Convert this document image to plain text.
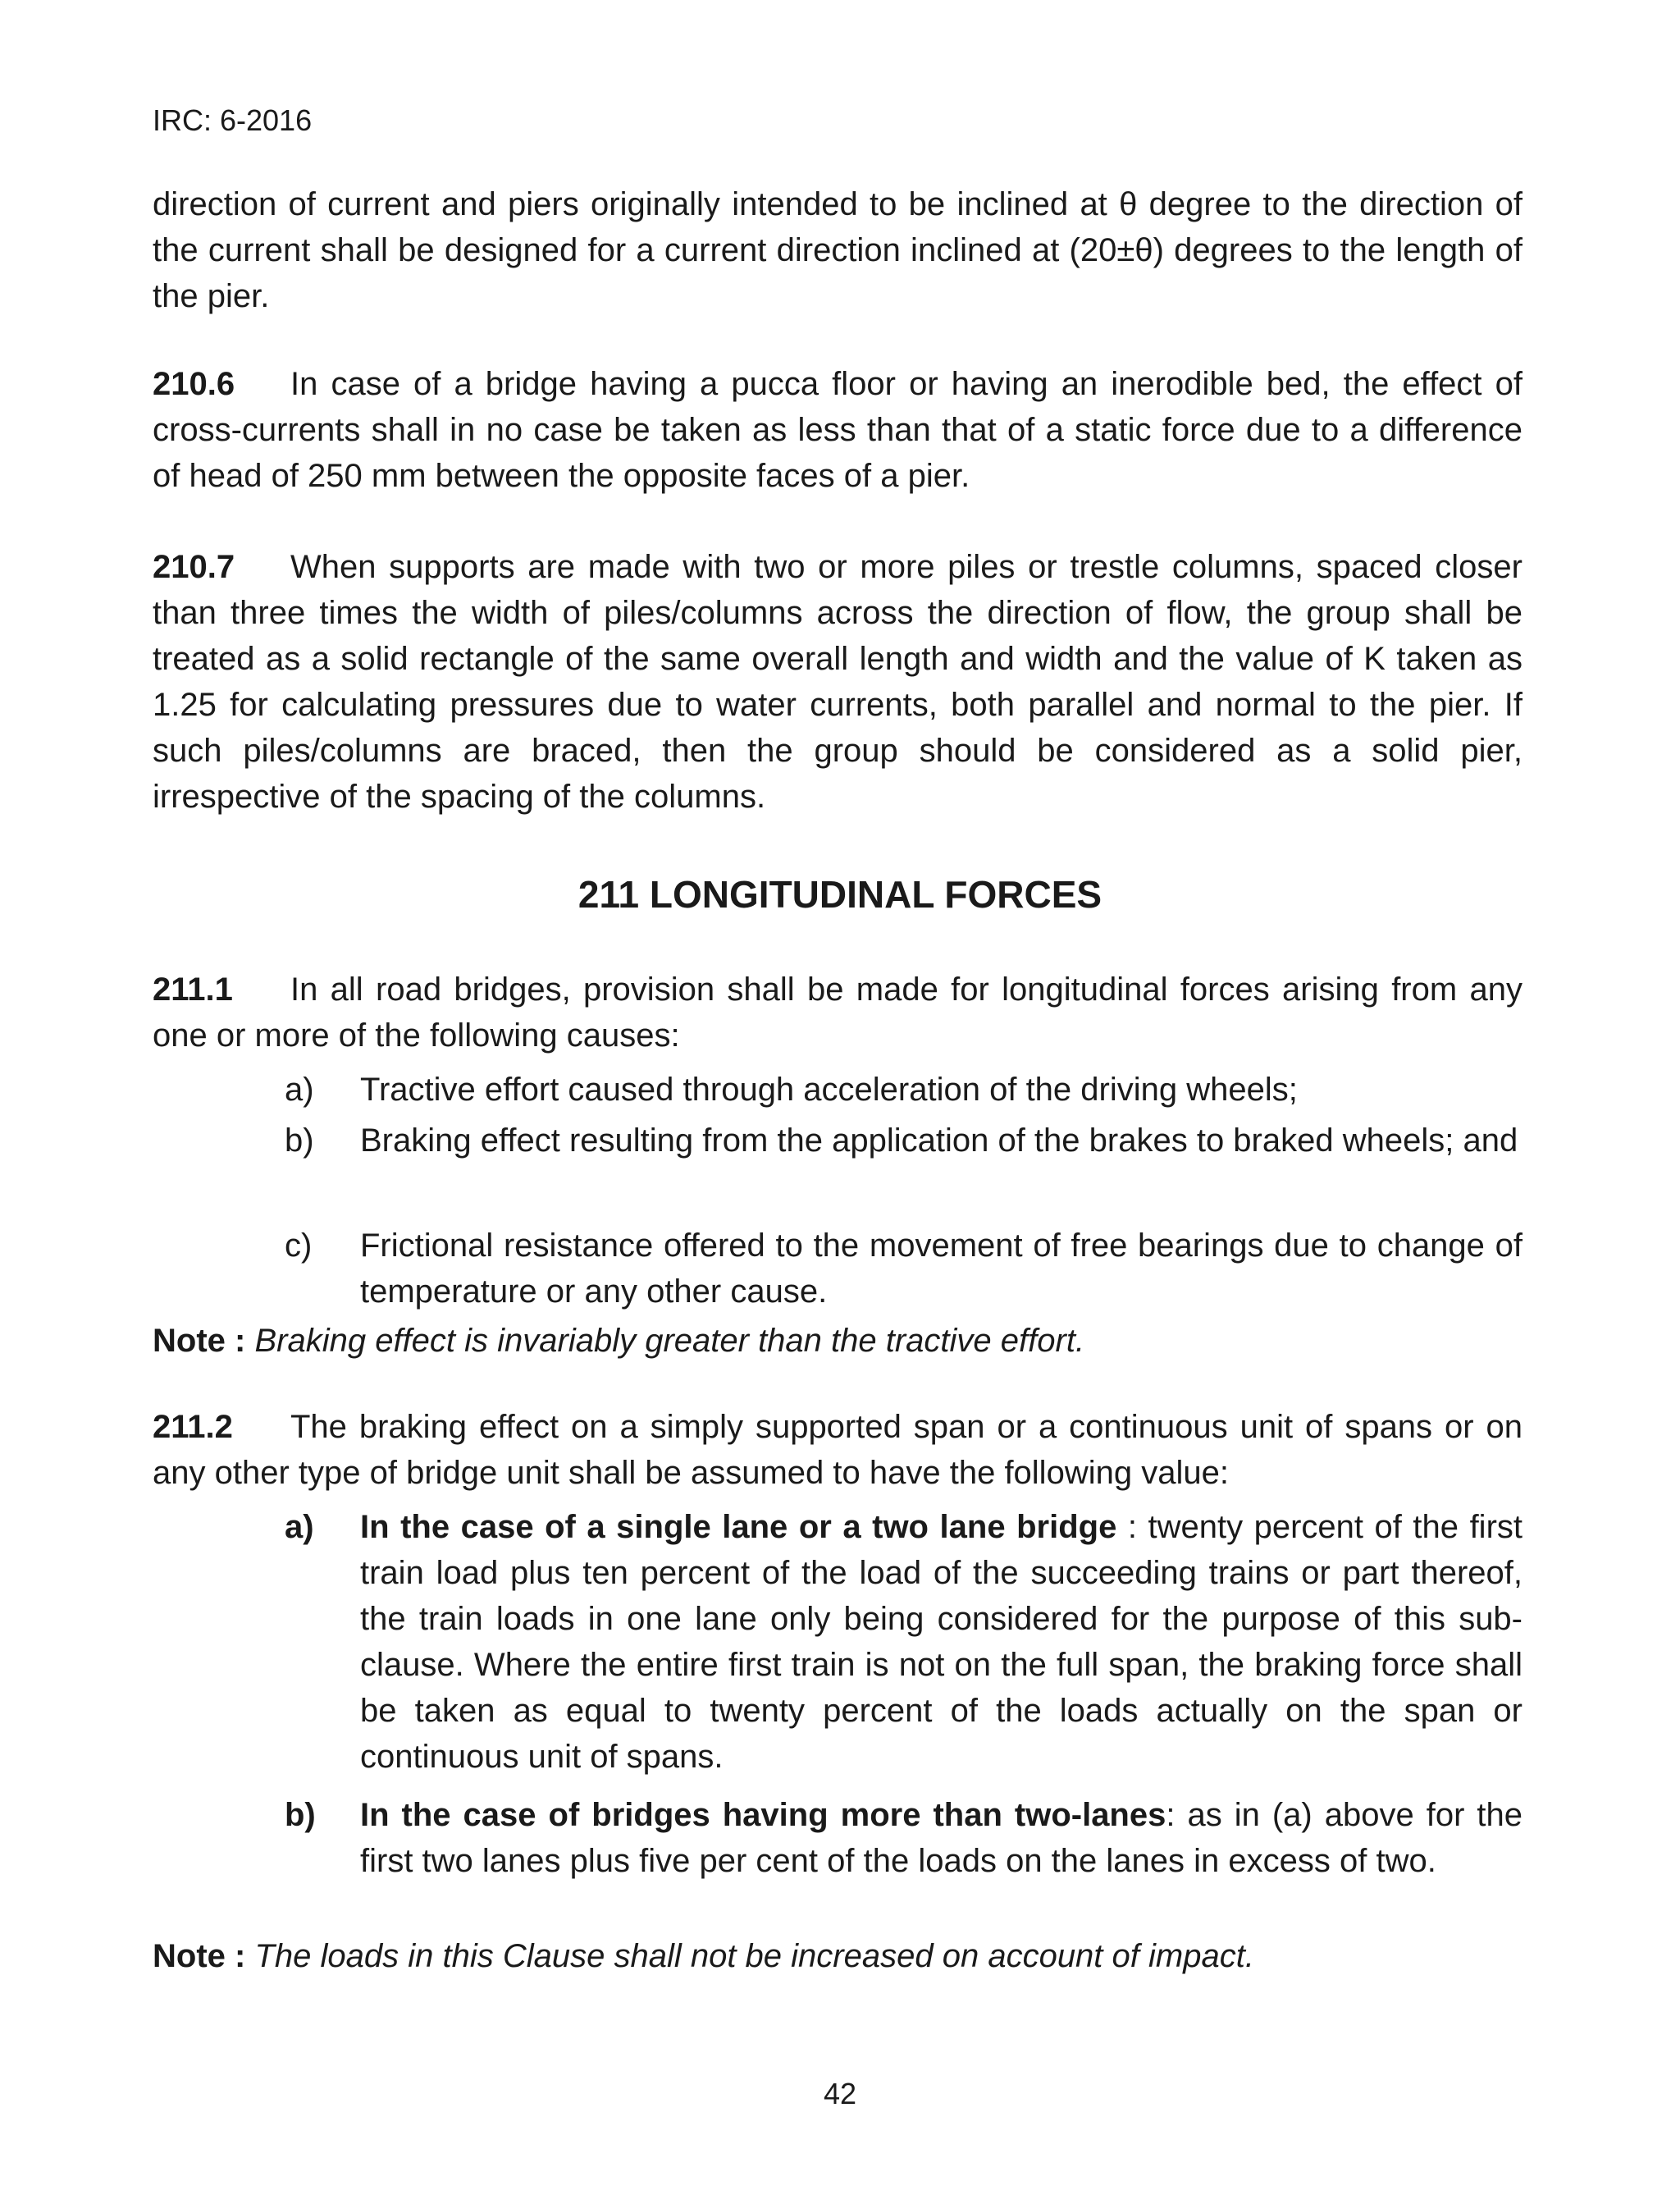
IRC: 6-2016

direction of current and piers originally intended to be inclined at θ degree to the direction of the current shall be designed for a current direction inclined at (20±θ) degrees to the length of the pier.

210.6 In case of a bridge having a pucca floor or having an inerodible bed, the effect of cross-currents shall in no case be taken as less than that of a static force due to a difference of head of 250 mm between the opposite faces of a pier.

210.7 When supports are made with two or more piles or trestle columns, spaced closer than three times the width of piles/columns across the direction of flow, the group shall be treated as a solid rectangle of the same overall length and width and the value of K taken as 1.25 for calculating pressures due to water currents, both parallel and normal to the pier. If such piles/columns are braced, then the group should be considered as a solid pier, irrespective of the spacing of the columns.

211 LONGITUDINAL FORCES

211.1 In all road bridges, provision shall be made for longitudinal forces arising from any one or more of the following causes:

a)	Tractive effort caused through acceleration of the driving wheels;
b)	Braking effect resulting from the application of the brakes to braked wheels; and
c)	Frictional resistance offered to the movement of free bearings due to change of temperature or any other cause.

Note : Braking effect is invariably greater than the tractive effort.

211.2 The braking effect on a simply supported span or a continuous unit of spans or on any other type of bridge unit shall be assumed to have the following value:

a)	In the case of a single lane or a two lane bridge : twenty percent of the first train load plus ten percent of the load of the succeeding trains or part thereof, the train loads in one lane only being considered for the purpose of this sub- clause. Where the entire first train is not on the full span, the braking force shall be taken as equal to twenty percent of the loads actually on the span or continuous unit of spans.
b)	In the case of bridges having more than two-lanes: as in (a) above for the first two lanes plus five per cent of the loads on the lanes in excess of two.

Note : The loads in this Clause shall not be increased on account of impact.

42
